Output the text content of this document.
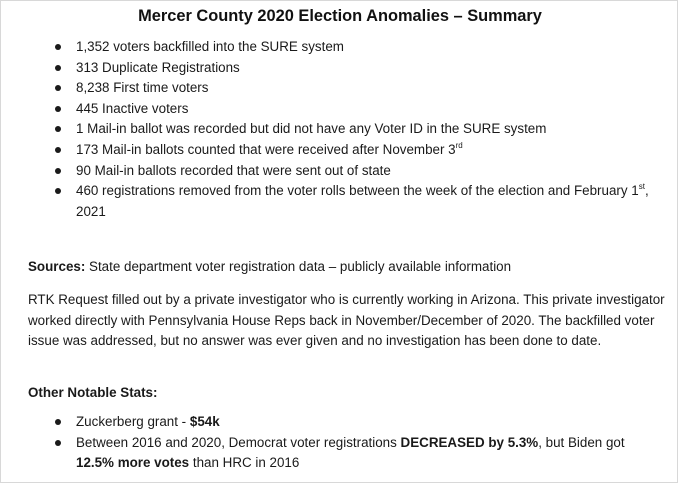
Mercer County 2020 Election Anomalies – Summary
1,352 voters backfilled into the SURE system
313 Duplicate Registrations
8,238 First time voters
445 Inactive voters
1 Mail-in ballot was recorded but did not have any Voter ID in the SURE system
173 Mail-in ballots counted that were received after November 3rd
90 Mail-in ballots recorded that were sent out of state
460 registrations removed from the voter rolls between the week of the election and February 1st, 2021

Sources: State department voter registration data – publicly available information

RTK Request filled out by a private investigator who is currently working in Arizona. This private investigator worked directly with Pennsylvania House Reps back in November/December of 2020. The backfilled voter issue was addressed, but no answer was ever given and no investigation has been done to date.

Other Notable Stats:

Zuckerberg grant - $54k
Between 2016 and 2020, Democrat voter registrations DECREASED by 5.3%, but Biden got 12.5% more votes than HRC in 2016
